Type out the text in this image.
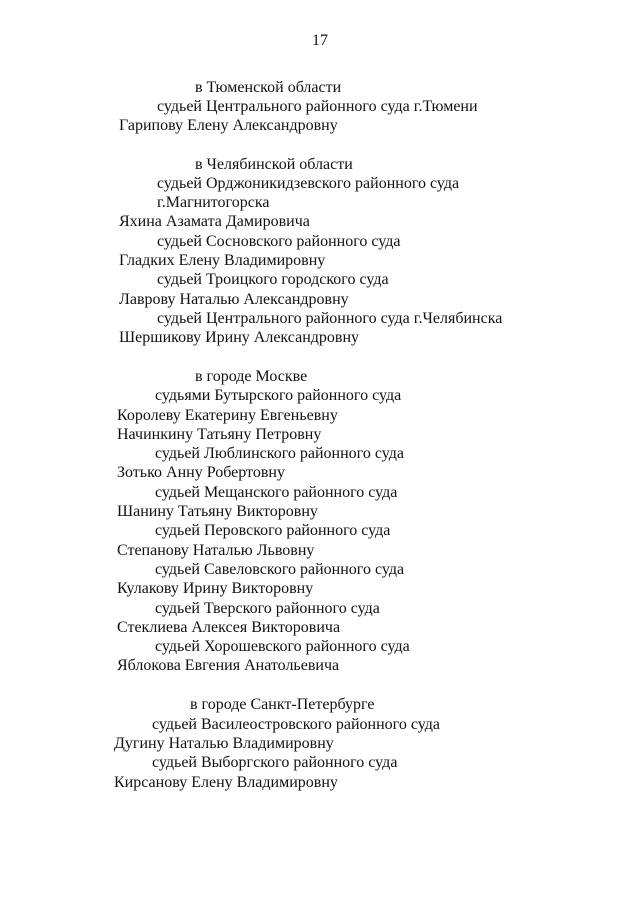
17
в Тюменской области
судьей Центрального районного суда г.Тюмени
Гарипову Елену Александровну
в Челябинской области
судьей Орджоникидзевского районного суда
г.Магнитогорска
Яхина Азамата Дамировича
судьей Сосновского районного суда
Гладких Елену Владимировну
судьей Троицкого городского суда
Лаврову Наталью Александровну
судьей Центрального районного суда г.Челябинска
Шершикову Ирину Александровну
в городе Москве
судьями Бутырского районного суда
Королеву Екатерину Евгеньевну
Начинкину Татьяну Петровну
судьей Люблинского районного суда
Зотько Анну Робертовну
судьей Мещанского районного суда
Шанину Татьяну Викторовну
судьей Перовского районного суда
Степанову Наталью Львовну
судьей Савеловского районного суда
Кулакову Ирину Викторовну
судьей Тверского районного суда
Стеклиева Алексея Викторовича
судьей Хорошевского районного суда
Яблокова Евгения Анатольевича
в городе Санкт-Петербурге
судьей Василеостровского районного суда
Дугину Наталью Владимировну
судьей Выборгского районного суда
Кирсанову Елену Владимировну
